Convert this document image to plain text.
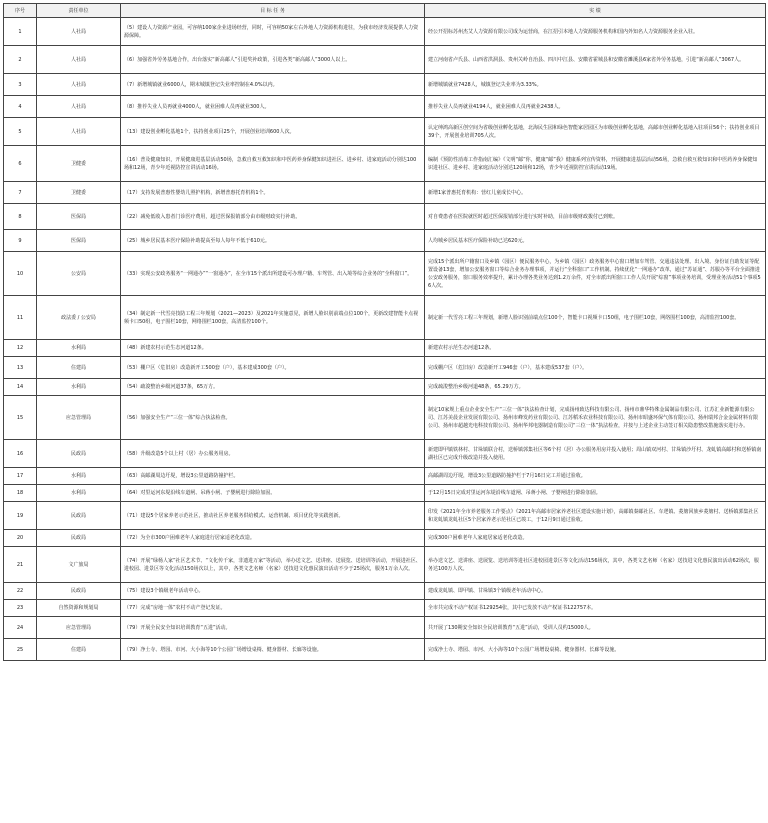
序号	责任单位	目 标 任 务	实 绩
1	人社局	（5）建设人力资源产业园，可容纳100家企业进场经营，同时，可容纳50家左右外地人力资源机构进驻，为我市经济发展提供人力资源保障。	经公开招标苏州杰艾人力资源有限公司成为运营商，在江招引本地人力资源服务机构和国内外知名人力资源服务企业入驻。
2	人社局	（6）加强省外劳务基地合作，出台落实“新高邮人”引进奖补政策，引进各类“新高邮人”3000人以上。	建立河南省卢氏县、山西省洪洞县、贵州关岭自治县、四川中江县、安徽省霍城县和安徽省濉溪县6家省外劳务基地，引进“新高邮人”3067人。
3	人社局	（7）新增城镇就业6000人，期末城镇登记失业率控制在4.0%以内。	新增城镇就业7428人，城镇登记失业率为3.33%。
4	人社局	（8）推荐失业人员再就业4000人，就业困难人员再就业300人。	推荐失业人员再就业4194人，就业困难人员再就业2438人。
5	人社局	（13）建设创业孵化基地1个，扶持创业项目25个，开展创业培训600人次。	认定绅鸿高新区创空间为省级创业孵化基地，北海民生园和绿色智能家居园区为市级创业孵化基地，高邮市创业孵化基地入驻项目56个；扶持创业项目39个，开展创业培训705人次。
6	卫健委	（16）普及健康知识，开展健康进基层活动50场，急救自救互救知识和中医药养身保健知识进社区、进乡村、进家庭活动分别达100场和12场，青少年近视防控宣讲活动16场。	编制《预防性消毒工作指南汇编》《文明“邮”你，健康“邮”我》健康系列宣传资料，开展健康进基层活动56场，急救自救互救知识和中医药养身保健知识进社区、进乡村、进家庭活动分别达120场和12场，青少年近视防控宣讲活动19场。
7	卫健委	（17）支持发展普惠性婴幼儿照护机构，新增普惠托育机构1个。	新增1家普惠托育机构：营红儿童成长中心。
8	医保局	（22）减免低收入患者门诊医疗费用，超过医保报销部分由市级财政实行补助。	对自费患者在医院就医时超过医保报销部分进行实时补助，目前市级财政拨付已到账。
9	医保局	（25）城乡居民基本医疗保险补助提高至每人每年不低于610元。	人均城乡居民基本医疗保险补助已达620元。
10	公安局	（33）实现公安政务服务“一网通办”“一窗通办”，在全市15个派出所建设可办理户籍、车驾管、出入境等综合业务的“全科窗口”。	完成15个派出所户籍窗口及乡镇（园区）便民服务中心，为乡镇（园区）政务服务中心窗口增加车驾管、交通违法处理、出入境、身份证自助发证等配置设备13套，增加公安服务窗口等综合业务办理事项，并运行“全科窗口”工作机制。持续优化“一网通办”改革，通过“苏证通”、苏服办等平台全面推进公安政务服务，窗口服务效率提升，累计办理各类业务达到1.2万余件，对全市派出所窗口工作人员开展“综窗”事项业务培训，受理业务活动51个事项56人次。
11	政法委 / 公安局	（34）制定新一代雪亮技防工程三年规划（2021—2023）及2021年实施意见，新增人脸识别前端点位100个，更新改建智能卡点视频卡口50组，电子围栏10套，网络围栏100套，高清监控100个。	制定新一代雪亮工程三年规划，新增人脸识别前端点位100个，智能卡口视频卡口50组，电子围栏10套，网络围栏100套，高清监控100套。
12	水利局	（48）新建农村示范生态河道12条。	新建农村示范生态河道12条。
13	住建局	（53）棚户区（危旧房）改造新开工500套（户），基本建成300套（户）。	完成棚户区（危旧房）改造新开工946套（户），基本建成537套（户）。
14	水利局	（54）疏浚整治乡级河道37条，65万方。	完成疏浚整治乡级河道48条，65.29万方。
15	应急管理局	（56）加强安全生产“三位一体”综合执法检查。	制定10家规上重点企业安全生产“三位一体”执法检查计划，完成扬州致达科技有限公司、扬州市鼎华特殊金属制品有限公司、江苏汇业新能源有限公司、江苏美晨企业发展有限公司、扬州市峰发药业有限公司、江苏稻禾农业科技有限公司、扬州市昭盛环保气体有限公司、扬州瑞邦合金金属材料有限公司、扬州市超越光电科技有限公司、扬州华邦电器制造有限公司“三位一体”执法检查，并按与上述企业主动签订相关隐患整改措施落实进行办。
16	民政局	（58）升级改造5个以上村（居）办公服务用房。	新建即甲镇铁林村、甘垛镇联合村，送桥镇郭集社区等6个村（居）办公服务用房并投入使用；周山镇双河村、甘垛镇沙圩村、龙虬镇高邮村和送桥镇南湖社区已完成升级改造并投入使用。
17	水利局	（63）高邮湖周边圩堤，增设3公里道路防撞护栏。	高邮湖周边圩堤，增设3公里道路防撞护栏于7月16日完工并通过验收。
18	水利局	（64）对里运河东堤沿线车道闸、吊蒋小闸、子婴闸进行除险加固。	于12月15日完成对里运河东堤沿线车道闸、吊蒋小闸、子婴闸进行除险加固。
19	民政局	（71）建设5个居家养老示范社区，推动社区养老服务供给模式、运营机制、项目优化等实践创新。	印发《2021年全市养老服务工作要点》《2021年高邮市居家养老社区建设实施计划》，高邮镇秦邮社区、车逻镇、菱塘回族乡菱塘村、送桥镇郭集社区和龙虬镇龙虬社区5个居家养老示范社区已竣工，于12月9日通过验收。
20	民政局	（72）为全市300户困难老年人家庭进行居家适老化改造。	完成300户困难老年人家庭居家适老化改造。
21	文广旅局	（74）开展“绿杨人家”社区艺术节、“文化传千家，非遗进万家”等活动，举办送文艺、送讲座、送展览、送培训等活动，开展进社区、进校园、进景区等文化活动150场次以上，其中，各类文艺名师（名家）送技进文化惠民演出活动不少于25场次，服务1万余人次。	举办送文艺、送讲座、送展览、送培训等进社区进校园进景区等文化活动156场次，其中，各类文艺名师（名家）送技进文化惠民演出活动62场次，服务达100万人次。
22	民政局	（75）建设3个镇级老年活动中心。	建成龙虬镇、即甲镇、甘垛镇3个镇级老年活动中心。
23	自然资源和规划局	（77）完成“房地一体”农村不动产登记发证。	全市共完成不动产权证书129254张，其中已发放不动产权证书122757本。
24	应急管理局	（79）开展全民安全知识培训教育“五进”活动。	共开展了130期安全知识全民培训教育“五进”活动，受训人员约15000人。
25	住建局	（79）净土寺、塔园、市河、大小海等10个公园广场增设桌椅、健身器材、长廊等设施。	完成净土寺、塔园、市河、大小海等10个公园广场增设桌椅、健身器材、长廊等设施。
